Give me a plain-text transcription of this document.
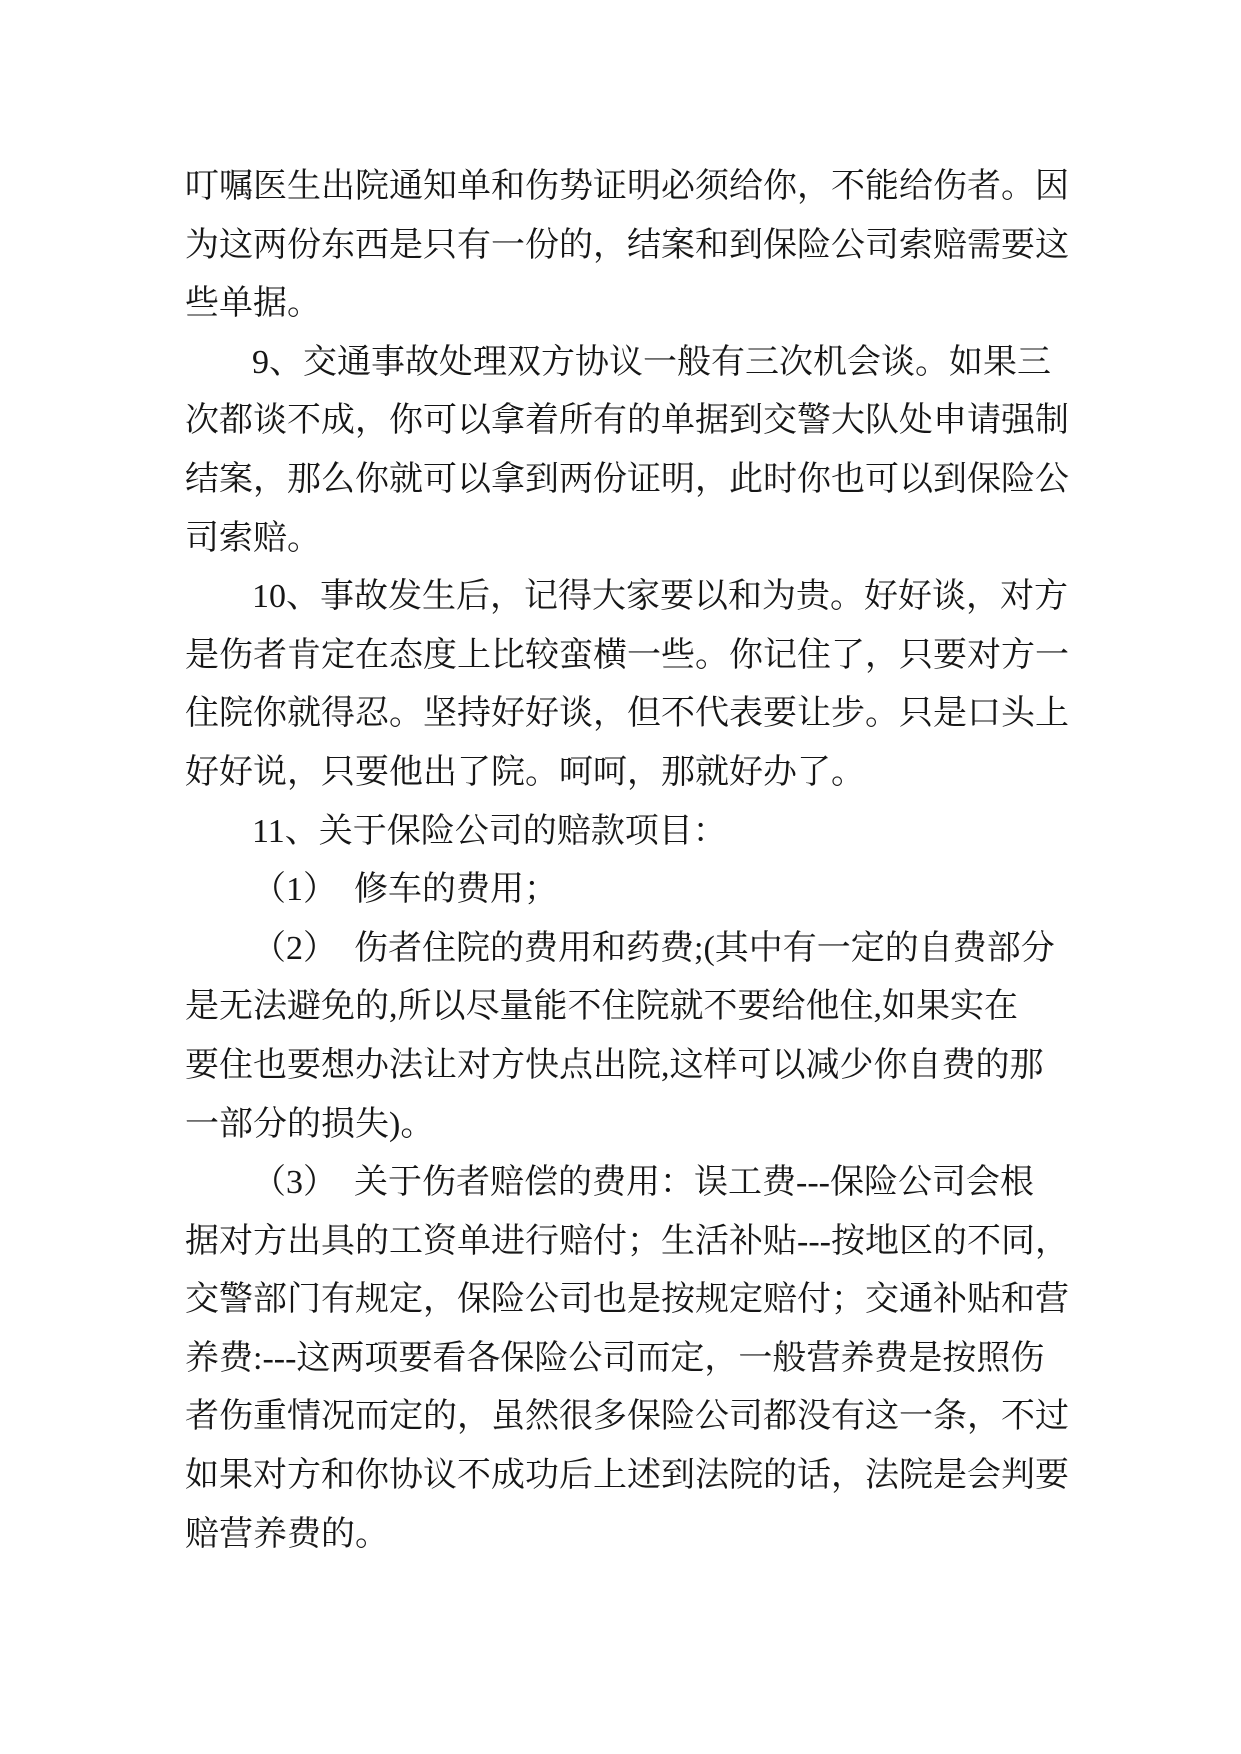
叮嘱医生出院通知单和伤势证明必须给你，不能给伤者。因
为这两份东西是只有一份的，结案和到保险公司索赔需要这
些单据。
9、交通事故处理双方协议一般有三次机会谈。如果三
次都谈不成，你可以拿着所有的单据到交警大队处申请强制
结案，那么你就可以拿到两份证明，此时你也可以到保险公
司索赔。
10、事故发生后，记得大家要以和为贵。好好谈，对方
是伤者肯定在态度上比较蛮横一些。你记住了，只要对方一
住院你就得忍。坚持好好谈，但不代表要让步。只是口头上
好好说，只要他出了院。呵呵，那就好办了。
11、关于保险公司的赔款项目：
（1）  修车的费用；
（2）  伤者住院的费用和药费;(其中有一定的自费部分
是无法避免的,所以尽量能不住院就不要给他住,如果实在
要住也要想办法让对方快点出院,这样可以减少你自费的那
一部分的损失)。
（3）  关于伤者赔偿的费用：误工费---保险公司会根
据对方出具的工资单进行赔付；生活补贴---按地区的不同，
交警部门有规定，保险公司也是按规定赔付；交通补贴和营
养费:---这两项要看各保险公司而定，一般营养费是按照伤
者伤重情况而定的，虽然很多保险公司都没有这一条，不过
如果对方和你协议不成功后上述到法院的话，法院是会判要
赔营养费的。
